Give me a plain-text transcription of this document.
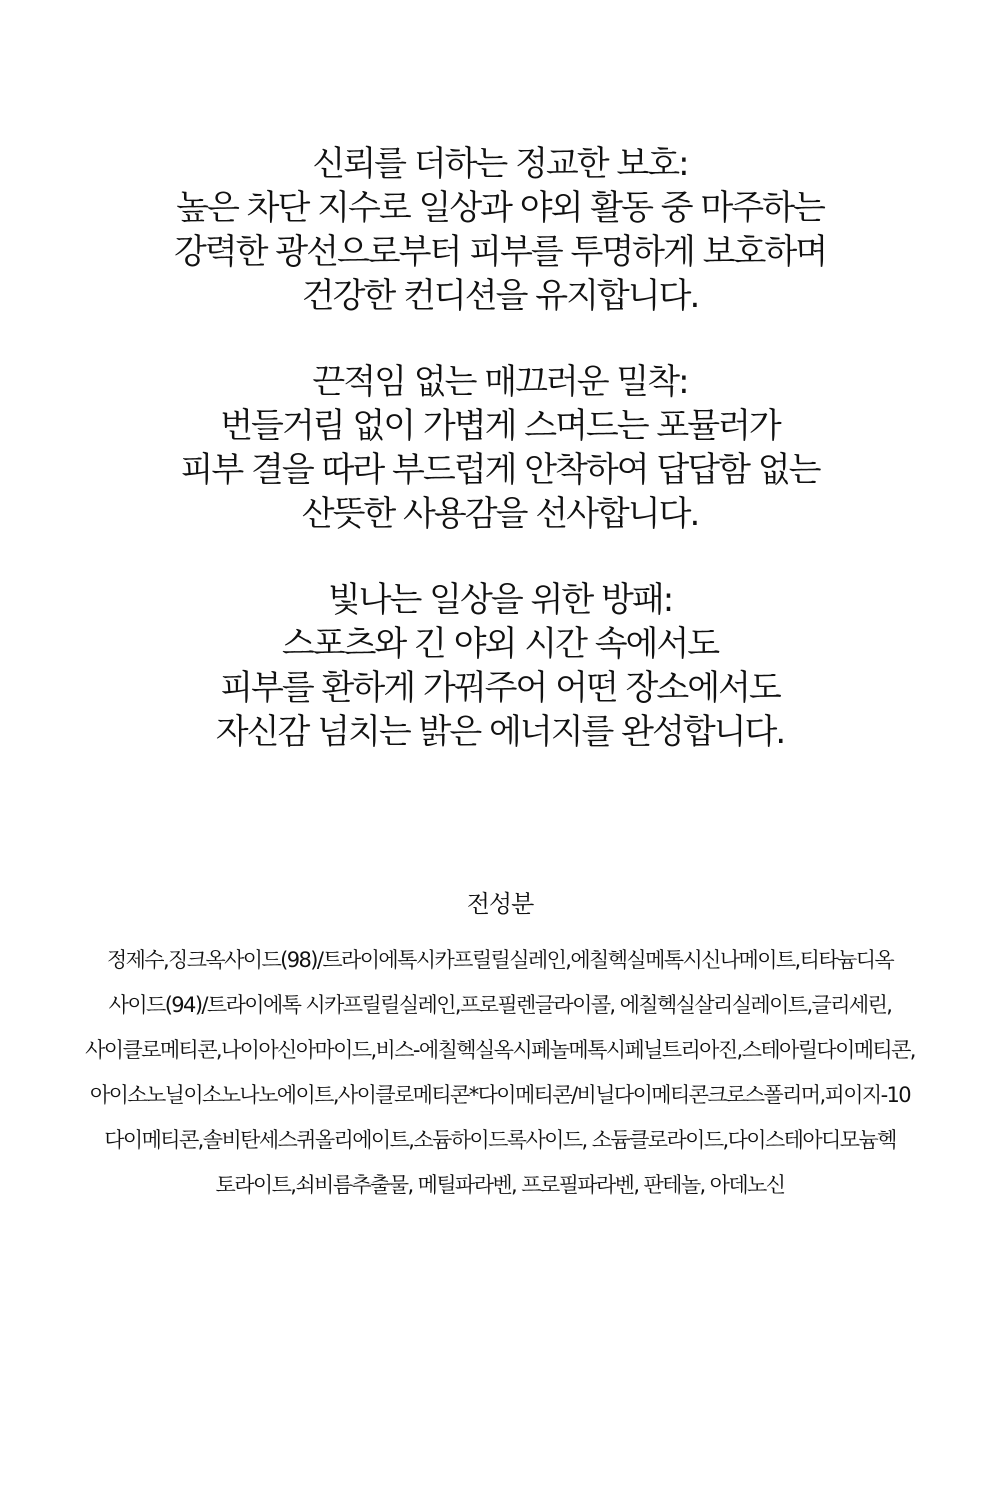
신뢰를 더하는 정교한 보호:
높은 차단 지수로 일상과 야외 활동 중 마주하는
강력한 광선으로부터 피부를 투명하게 보호하며
건강한 컨디션을 유지합니다.
끈적임 없는 매끄러운 밀착:
번들거림 없이 가볍게 스며드는 포뮬러가
피부 결을 따라 부드럽게 안착하여 답답함 없는
산뜻한 사용감을 선사합니다.
빛나는 일상을 위한 방패:
스포츠와 긴 야외 시간 속에서도
피부를 환하게 가꿔주어 어떤 장소에서도
자신감 넘치는 밝은 에너지를 완성합니다.
전성분
정제수,징크옥사이드(98)/트라이에톡시카프릴릴실레인,에칠헥실메톡시신나메이트,티타늄디옥
사이드(94)/트라이에톡 시카프릴릴실레인,프로필렌글라이콜, 에칠헥실살리실레이트,글리세린,
사이클로메티콘,나이아신아마이드,비스-에칠헥실옥시페놀메톡시페닐트리아진,스테아릴다이메티콘,
아이소노닐이소노나노에이트,사이클로메티콘*다이메티콘/비닐다이메티콘크로스폴리머,피이지-10
다이메티콘,솔비탄세스퀴올리에이트,소듐하이드록사이드, 소듐클로라이드,다이스테아디모늄헥
토라이트,쇠비름추출물, 메틸파라벤, 프로필파라벤, 판테놀, 아데노신
